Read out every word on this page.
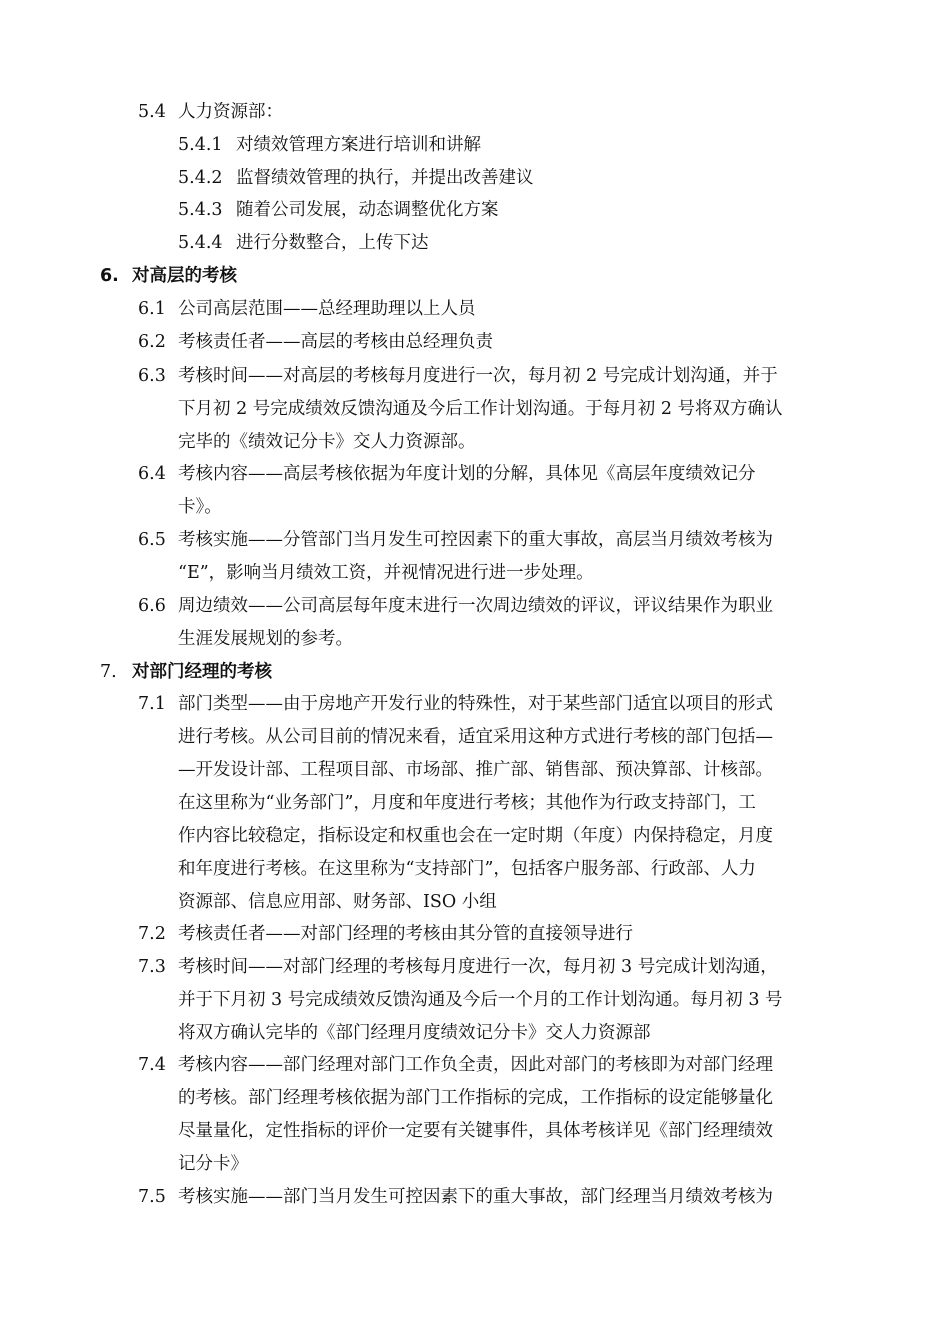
5.4 人力资源部：
5.4.1 对绩效管理方案进行培训和讲解
5.4.2 监督绩效管理的执行，并提出改善建议
5.4.3 随着公司发展，动态调整优化方案
5.4.4 进行分数整合，上传下达
6. 对高层的考核
6.1 公司高层范围——总经理助理以上人员
6.2 考核责任者——高层的考核由总经理负责
6.3 考核时间——对高层的考核每月度进行一次，每月初 2 号完成计划沟通，并于
下月初 2 号完成绩效反馈沟通及今后工作计划沟通。于每月初 2 号将双方确认
完毕的《绩效记分卡》交人力资源部。
6.4 考核内容——高层考核依据为年度计划的分解，具体见《高层年度绩效记分
卡》。
6.5 考核实施——分管部门当月发生可控因素下的重大事故，高层当月绩效考核为
“E”，影响当月绩效工资，并视情况进行进一步处理。
6.6 周边绩效——公司高层每年度末进行一次周边绩效的评议，评议结果作为职业
生涯发展规划的参考。
7. 对部门经理的考核
7.1 部门类型——由于房地产开发行业的特殊性，对于某些部门适宜以项目的形式
进行考核。从公司目前的情况来看，适宜采用这种方式进行考核的部门包括—
—开发设计部、工程项目部、市场部、推广部、销售部、预决算部、计核部。
在这里称为“业务部门”，月度和年度进行考核；其他作为行政支持部门，工
作内容比较稳定，指标设定和权重也会在一定时期（年度）内保持稳定，月度
和年度进行考核。在这里称为“支持部门”，包括客户服务部、行政部、人力
资源部、信息应用部、财务部、ISO 小组
7.2 考核责任者——对部门经理的考核由其分管的直接领导进行
7.3 考核时间——对部门经理的考核每月度进行一次，每月初 3 号完成计划沟通，
并于下月初 3 号完成绩效反馈沟通及今后一个月的工作计划沟通。每月初 3 号
将双方确认完毕的《部门经理月度绩效记分卡》交人力资源部
7.4 考核内容——部门经理对部门工作负全责，因此对部门的考核即为对部门经理
的考核。部门经理考核依据为部门工作指标的完成，工作指标的设定能够量化
尽量量化，定性指标的评价一定要有关键事件，具体考核详见《部门经理绩效
记分卡》
7.5 考核实施——部门当月发生可控因素下的重大事故，部门经理当月绩效考核为
